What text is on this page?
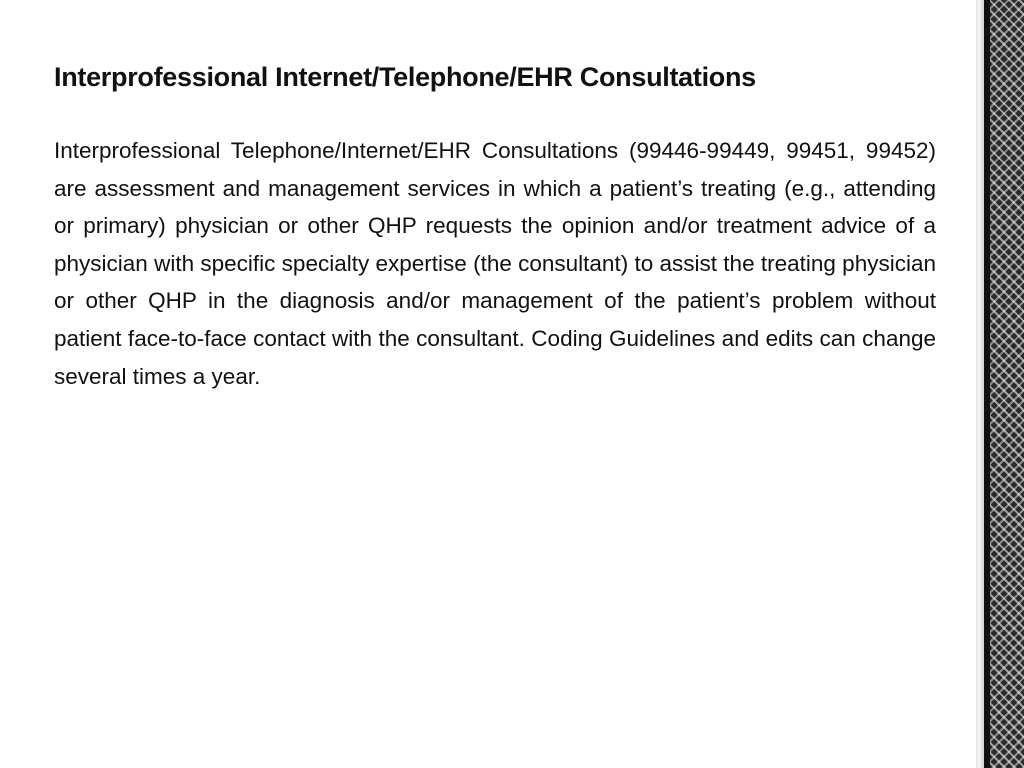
Interprofessional Internet/Telephone/EHR Consultations

Interprofessional Telephone/Internet/EHR Consultations (99446-99449, 99451, 99452) are assessment and management services in which a patient’s treating (e.g., attending or primary) physician or other QHP requests the opinion and/or treatment advice of a physician with specific specialty expertise (the consultant) to assist the treating physician or other QHP in the diagnosis and/or management of the patient’s problem without patient face-to-face contact with the consultant. Coding Guidelines and edits can change several times a year.
